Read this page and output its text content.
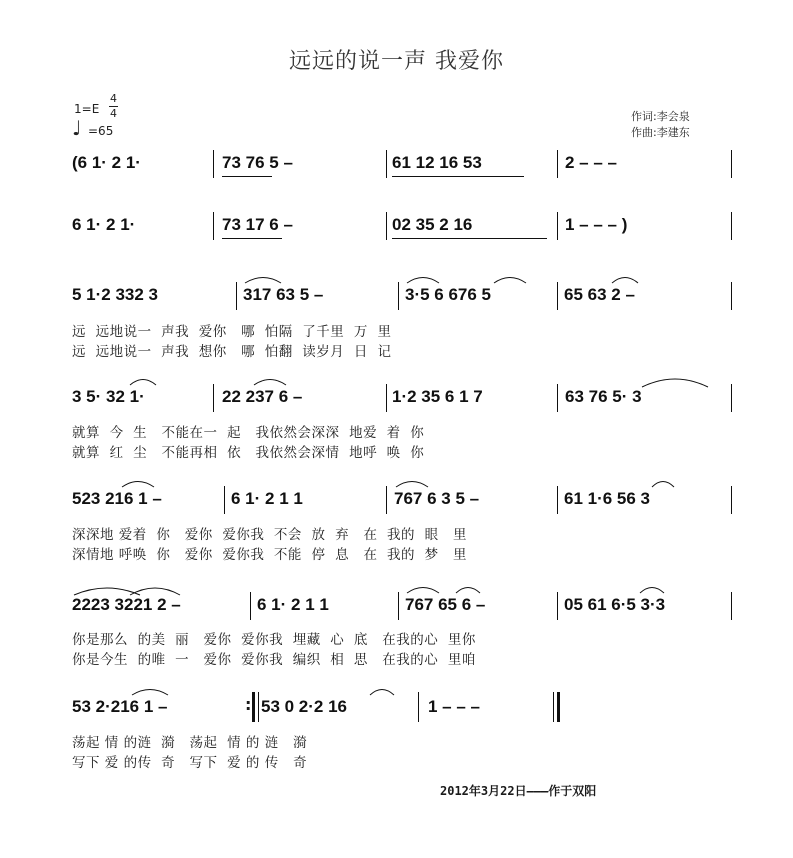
远远的说一声 我爱你
1=E
4
4
♩ =65
作词:李会泉
作曲:李建东
(6 1· 2 1·	73 76 5 –	61 12 16 53	2 – – –
6 1· 2 1·	73 17 6 –	02 35 2 16	1 – – – )
5 1·2 332 3	317 63 5 –	3·5 6 676 5	65 63 2 –
远  远地说一  声我  爱你   哪  怕隔  了千里  万  里
远  远地说一  声我  想你   哪  怕翻  读岁月  日  记
3 5· 32 1·	22 237 6 –	1·2 35 6 1 7	63 76 5· 3
就算  今  生   不能在一  起   我依然会深深  地爱  着  你
就算  红  尘   不能再相  依   我依然会深情  地呼  唤  你
523 216 1 –	6 1· 2 1 1	767 6 3 5 –	61 1·6 56 3
深深地 爱着  你   爱你  爱你我  不会  放  弃   在  我的  眼   里
深情地 呼唤  你   爱你  爱你我  不能  停  息   在  我的  梦   里
2223 3221 2 –	6 1· 2 1 1	767 65 6 –	05 61 6·5 3·3
你是那么  的美  丽   爱你  爱你我  埋藏  心  底   在我的心  里你
你是今生  的唯  一   爱你  爱你我  编织  相  思   在我的心  里咱
53 2·216 1 –	53 0 2·2 16	1 – – –
:
荡起 情 的涟  漪   荡起  情 的 涟   漪
写下 爱 的传  奇   写下  爱 的 传   奇
2012年3月22日———作于双阳
